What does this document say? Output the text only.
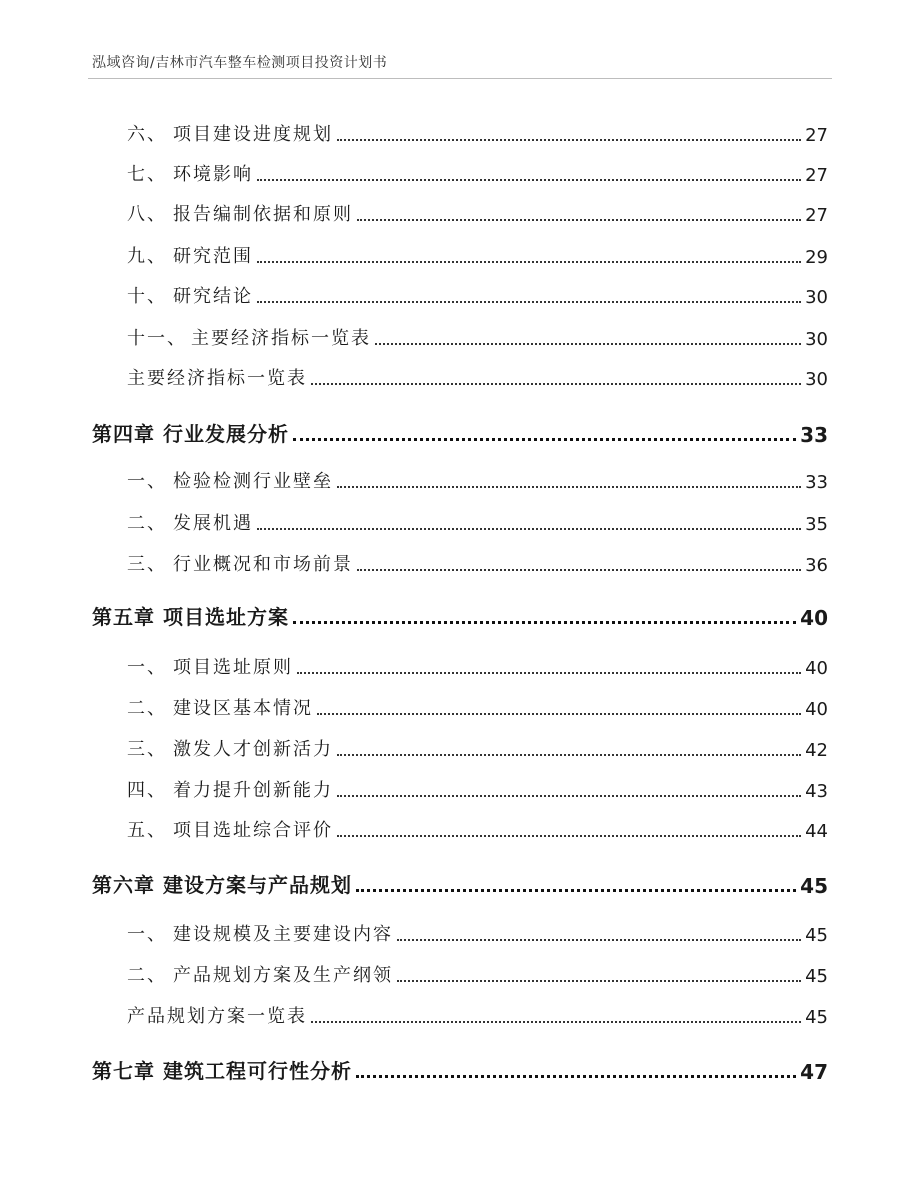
泓域咨询/吉林市汽车整车检测项目投资计划书
六、 项目建设进度规划	27
七、 环境影响	27
八、 报告编制依据和原则	27
九、 研究范围	29
十、 研究结论	30
十一、 主要经济指标一览表	30
主要经济指标一览表	30
第四章 行业发展分析	33
一、 检验检测行业壁垒	33
二、 发展机遇	35
三、 行业概况和市场前景	36
第五章 项目选址方案	40
一、 项目选址原则	40
二、 建设区基本情况	40
三、 激发人才创新活力	42
四、 着力提升创新能力	43
五、 项目选址综合评价	44
第六章 建设方案与产品规划	45
一、 建设规模及主要建设内容	45
二、 产品规划方案及生产纲领	45
产品规划方案一览表	45
第七章 建筑工程可行性分析	47
